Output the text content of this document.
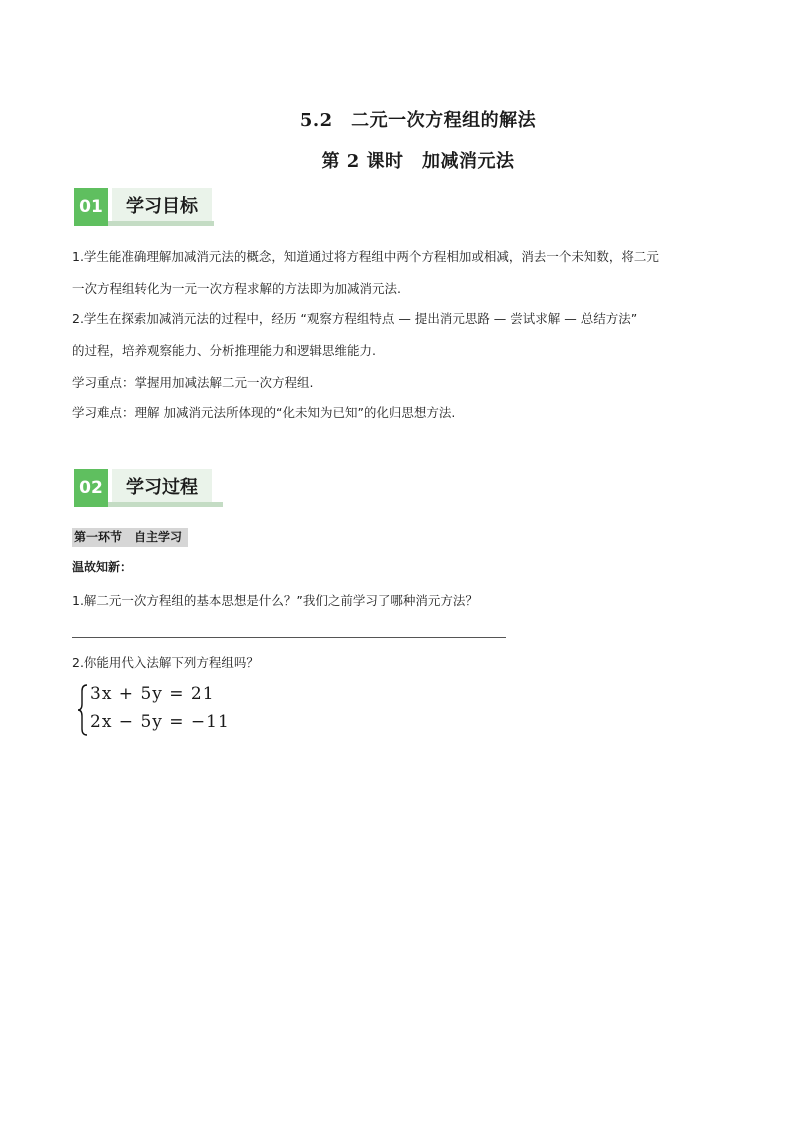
5.2　二元一次方程组的解法
第 2 课时　加减消元法
01	学习目标
1.学生能准确理解加减消元法的概念，知道通过将方程组中两个方程相加或相减，消去一个未知数，将二元
一次方程组转化为一元一次方程求解的方法即为加减消元法.
2.学生在探索加减消元法的过程中，经历 “观察方程组特点 — 提出消元思路 — 尝试求解 — 总结方法”
的过程，培养观察能力、分析推理能力和逻辑思维能力.
学习重点：掌握用加减法解二元一次方程组.
学习难点：理解 加减消元法所体现的“化未知为已知”的化归思想方法.
02	学习过程
第一环节　自主学习
温故知新：
1.解二元一次方程组的基本思想是什么？”我们之前学习了哪种消元方法？
2.你能用代入法解下列方程组吗？
3x + 5y = 21
2x − 5y = −11
